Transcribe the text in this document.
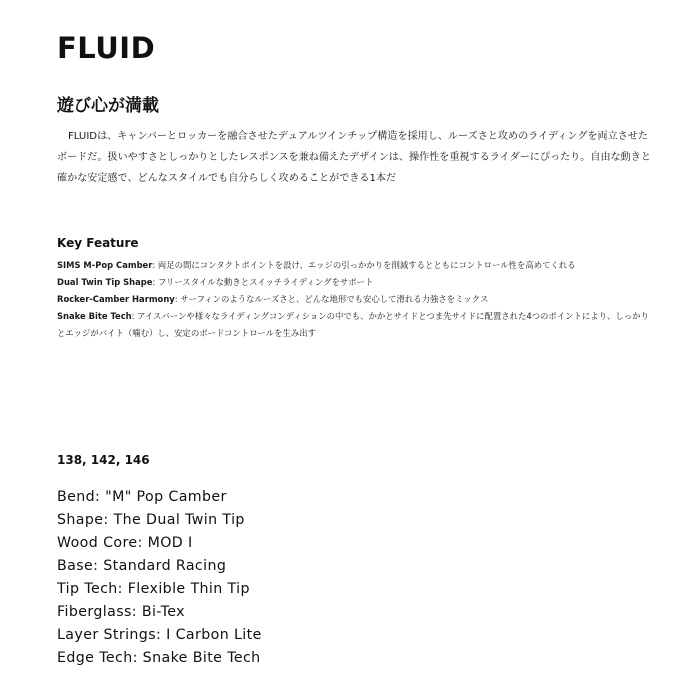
FLUID
遊び心が満載

FLUIDは、キャンバーとロッカーを融合させたデュアルツインチップ構造を採用し、ルーズさと攻めのライディングを両立させたボードだ。扱いやすさとしっかりとしたレスポンスを兼ね備えたデザインは、操作性を重視するライダーにぴったり。自由な動きと確かな安定感で、どんなスタイルでも自分らしく攻めることができる1本だ

Key Feature
SIMS M-Pop Camber : 両足の間にコンタクトポイントを設け、エッジの引っかかりを削減するとともにコントロール性を高めてくれる
Dual Twin Tip Shape : フリースタイルな動きとスイッチライディングをサポート
Rocker-Camber Harmony : サーフィンのようなルーズさと、どんな地形でも安心して滑れる力強さをミックス
Snake Bite Tech : アイスバーンや様々なライディングコンディションの中でも、かかとサイドとつま先サイドに配置された4つのポイントにより、しっかりとエッジがバイト（噛む）し、安定のボードコントロールを生み出す
138, 142, 146
Bend: "M" Pop Camber
Shape: The Dual Twin Tip
Wood Core: MOD I
Base: Standard Racing
Tip Tech: Flexible Thin Tip
Fiberglass: Bi-Tex
Layer Strings: I Carbon Lite
Edge Tech: Snake Bite Tech
